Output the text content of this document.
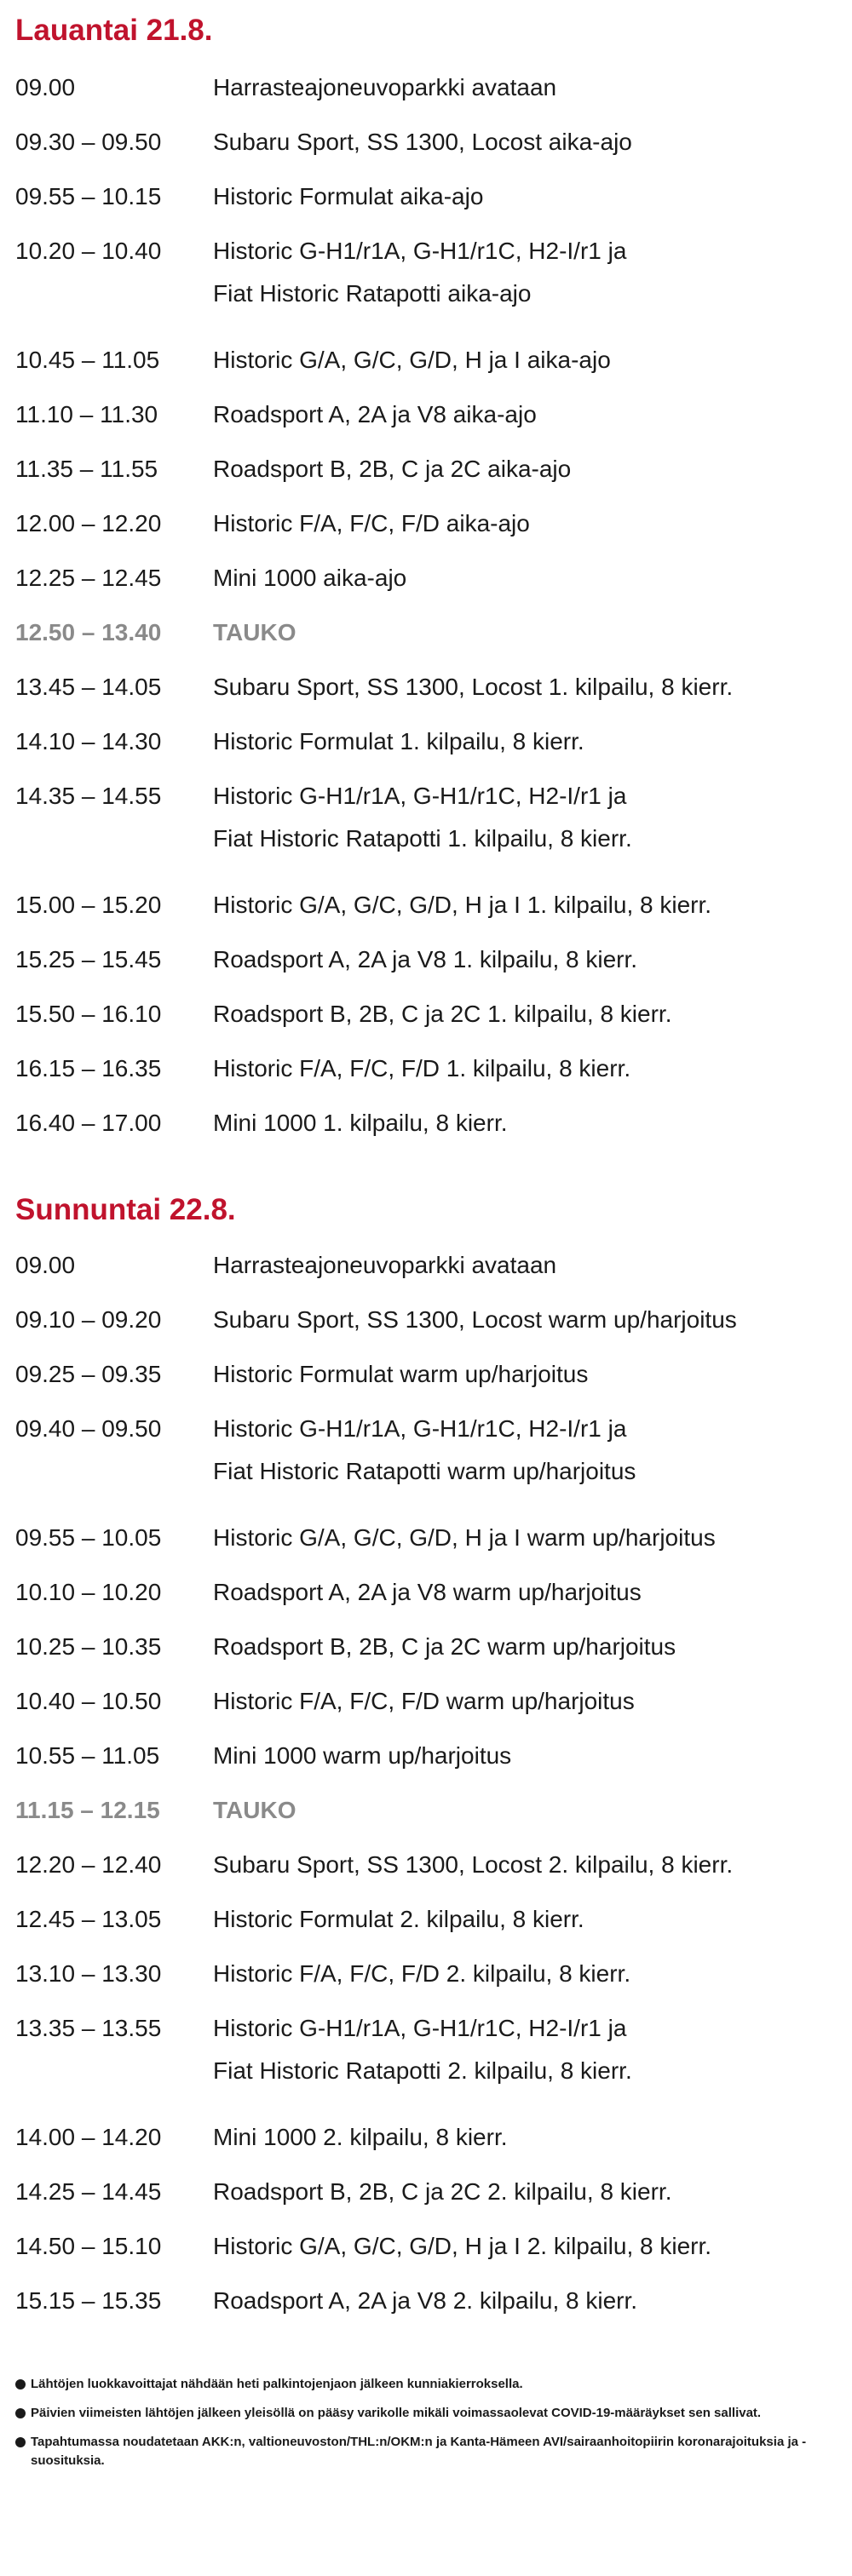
Lauantai 21.8.
09.00	Harrasteajoneuvoparkki avataan
09.30 – 09.50	Subaru Sport, SS 1300, Locost aika-ajo
09.55 – 10.15	Historic Formulat aika-ajo
10.20 – 10.40	Historic G-H1/r1A, G-H1/r1C, H2-I/r1 ja
Fiat Historic Ratapotti aika-ajo
10.45 – 11.05	Historic G/A, G/C, G/D, H ja I aika-ajo
11.10 – 11.30	Roadsport A, 2A ja V8 aika-ajo
11.35 – 11.55	Roadsport B, 2B, C ja 2C aika-ajo
12.00 – 12.20	Historic F/A, F/C, F/D aika-ajo
12.25 – 12.45	Mini 1000 aika-ajo
12.50 – 13.40	TAUKO
13.45 – 14.05	Subaru Sport, SS 1300, Locost 1. kilpailu, 8 kierr.
14.10 – 14.30	Historic Formulat 1. kilpailu, 8 kierr.
14.35 – 14.55	Historic G-H1/r1A, G-H1/r1C, H2-I/r1 ja
Fiat Historic Ratapotti 1. kilpailu, 8 kierr.
15.00 – 15.20	Historic G/A, G/C, G/D, H ja I 1. kilpailu, 8 kierr.
15.25 – 15.45	Roadsport A, 2A ja V8 1. kilpailu, 8 kierr.
15.50 – 16.10	Roadsport B, 2B, C ja 2C 1. kilpailu, 8 kierr.
16.15 – 16.35	Historic F/A, F/C, F/D 1. kilpailu, 8 kierr.
16.40 – 17.00	Mini 1000 1. kilpailu, 8 kierr.
Sunnuntai 22.8.
09.00	Harrasteajoneuvoparkki avataan
09.10 – 09.20	Subaru Sport, SS 1300, Locost warm up/harjoitus
09.25 – 09.35	Historic Formulat warm up/harjoitus
09.40 – 09.50	Historic G-H1/r1A, G-H1/r1C, H2-I/r1 ja
Fiat Historic Ratapotti warm up/harjoitus
09.55 – 10.05	Historic G/A, G/C, G/D, H ja I warm up/harjoitus
10.10 – 10.20	Roadsport A, 2A ja V8 warm up/harjoitus
10.25 – 10.35	Roadsport B, 2B, C ja 2C warm up/harjoitus
10.40 – 10.50	Historic F/A, F/C, F/D warm up/harjoitus
10.55 – 11.05	Mini 1000 warm up/harjoitus
11.15 – 12.15	TAUKO
12.20 – 12.40	Subaru Sport, SS 1300, Locost 2. kilpailu, 8 kierr.
12.45 – 13.05	Historic Formulat 2. kilpailu, 8 kierr.
13.10 – 13.30	Historic F/A, F/C, F/D 2. kilpailu, 8 kierr.
13.35 – 13.55	Historic G-H1/r1A, G-H1/r1C, H2-I/r1 ja
Fiat Historic Ratapotti 2. kilpailu, 8 kierr.
14.00 – 14.20	Mini 1000 2. kilpailu, 8 kierr.
14.25 – 14.45	Roadsport B, 2B, C ja 2C 2. kilpailu, 8 kierr.
14.50 – 15.10	Historic G/A, G/C, G/D, H ja I 2. kilpailu, 8 kierr.
15.15 – 15.35	Roadsport A, 2A ja V8 2. kilpailu, 8 kierr.
Lähtöjen luokkavoittajat nähdään heti palkintojenjaon jälkeen kunniakierroksella.
Päivien viimeisten lähtöjen jälkeen yleisöllä on pääsy varikolle mikäli voimassaolevat COVID-19-määräykset sen sallivat.
Tapahtumassa noudatetaan AKK:n, valtioneuvoston/THL:n/OKM:n ja Kanta-Hämeen AVI/sairaanhoitopiirin koronarajoituksia ja -suosituksia.
